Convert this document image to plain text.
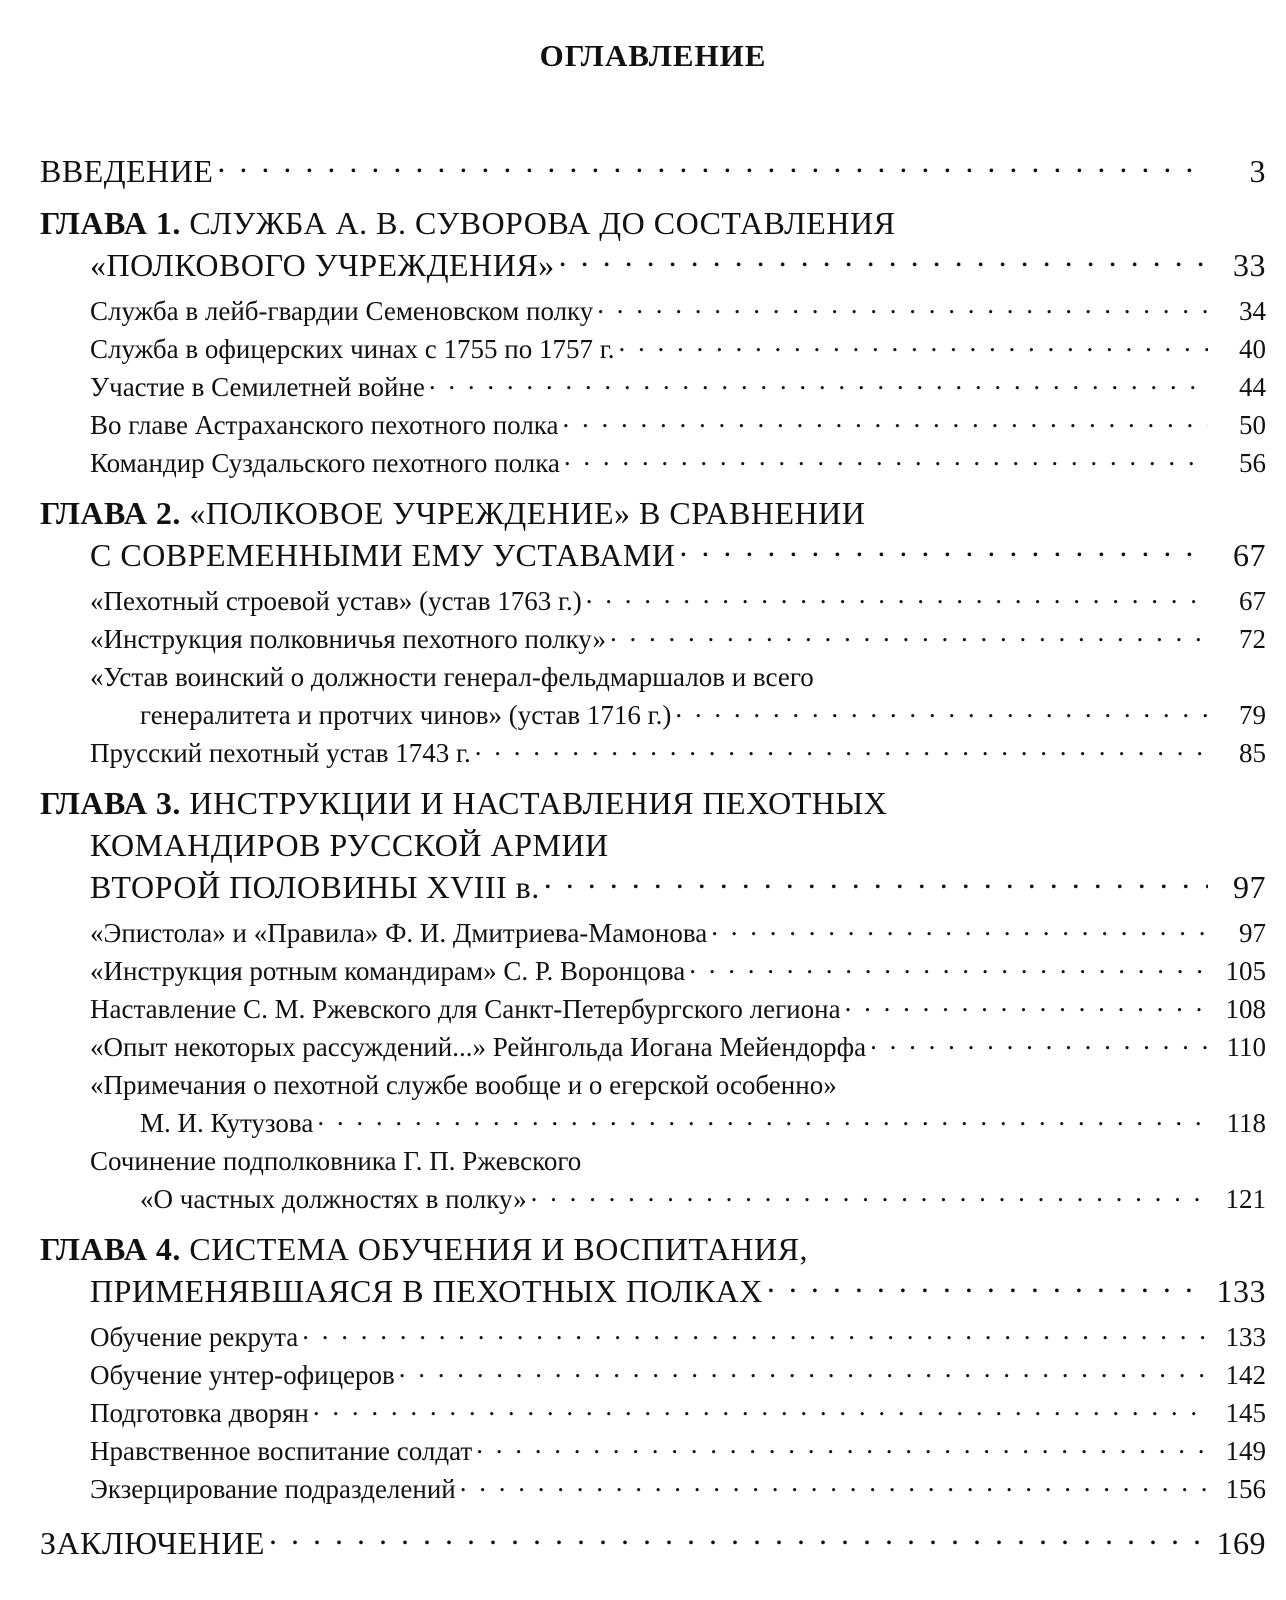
ОГЛАВЛЕНИЕ
ВВЕДЕНИЕ . . .	3
ГЛАВА 1. СЛУЖБА А. В. СУВОРОВА ДО СОСТАВЛЕНИЯ
«ПОЛКОВОГО УЧРЕЖДЕНИЯ» . . .	33
Служба в лейб-гвардии Семеновском полку . . .	34
Служба в офицерских чинах с 1755 по 1757 г. . . .	40
Участие в Семилетней войне . . .	44
Во главе Астраханского пехотного полка . . .	50
Командир Суздальского пехотного полка . . .	56
ГЛАВА 2. «ПОЛКОВОЕ УЧРЕЖДЕНИЕ» В СРАВНЕНИИ
С СОВРЕМЕННЫМИ ЕМУ УСТАВАМИ . . .	67
«Пехотный строевой устав» (устав 1763 г.) . . .	67
«Инструкция полковничья пехотного полку» . . .	72
«Устав воинский о должности генерал-фельдмаршалов и всего
генералитета и протчих чинов» (устав 1716 г.) . . .	79
Прусский пехотный устав 1743 г. . . .	85
ГЛАВА 3. ИНСТРУКЦИИ И НАСТАВЛЕНИЯ ПЕХОТНЫХ
КОМАНДИРОВ РУССКОЙ АРМИИ
ВТОРОЙ ПОЛОВИНЫ XVIII в. . . .	97
«Эпистола» и «Правила» Ф. И. Дмитриева-Мамонова . . .	97
«Инструкция ротным командирам» С. Р. Воронцова . . .	105
Наставление С. М. Ржевского для Санкт-Петербургского легиона . . .	108
«Опыт некоторых рассуждений...» Рейнгольда Иогана Мейендорфа . . .	110
«Примечания о пехотной службе вообще и о егерской особенно»
М. И. Кутузова . . .	118
Сочинение подполковника Г. П. Ржевского
«О частных должностях в полку» . . .	121
ГЛАВА 4. СИСТЕМА ОБУЧЕНИЯ И ВОСПИТАНИЯ,
ПРИМЕНЯВШАЯСЯ В ПЕХОТНЫХ ПОЛКАХ . . .	133
Обучение рекрута . . .	133
Обучение унтер-офицеров . . .	142
Подготовка дворян . . .	145
Нравственное воспитание солдат . . .	149
Экзерцирование подразделений . . .	156
ЗАКЛЮЧЕНИЕ . . .	169
